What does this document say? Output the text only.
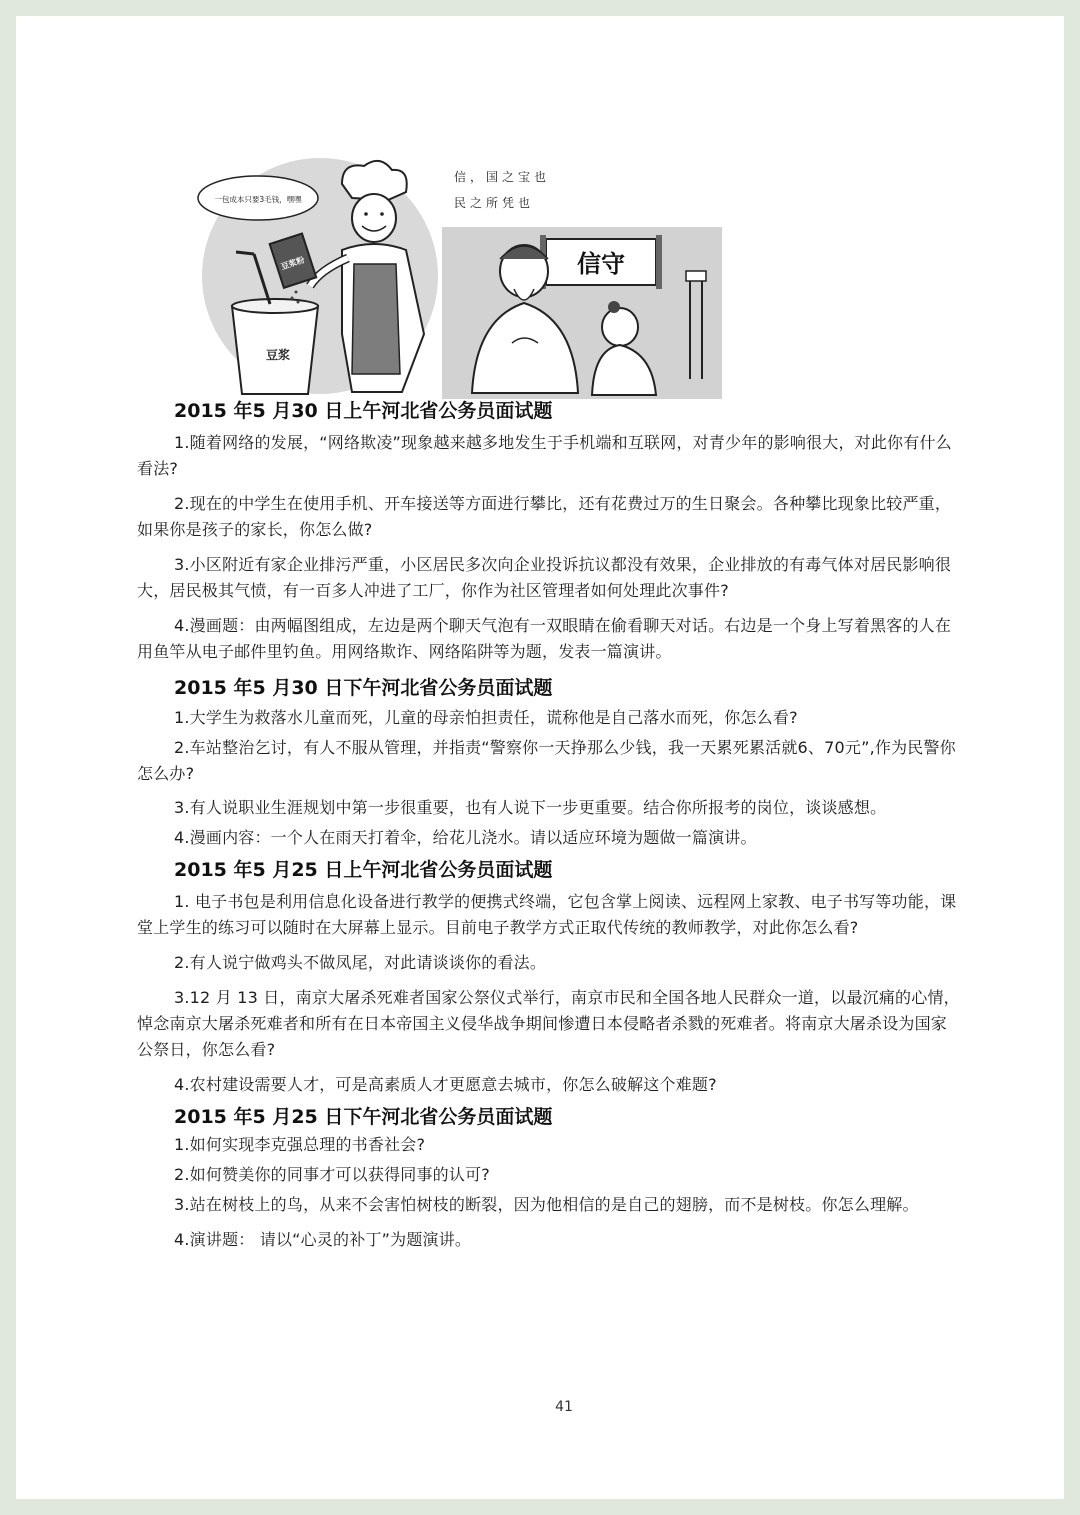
一包成本只要3毛钱，嘿嘿
豆浆
豆浆粉
信，国之宝也
民之所凭也
信守
2015 年5 月30 日上午河北省公务员面试题

1.随着网络的发展，“网络欺凌”现象越来越多地发生于手机端和互联网，对青少年的影响很大，对此你有什么看法?

2.现在的中学生在使用手机、开车接送等方面进行攀比，还有花费过万的生日聚会。各种攀比现象比较严重，如果你是孩子的家长，你怎么做?

3.小区附近有家企业排污严重，小区居民多次向企业投诉抗议都没有效果，企业排放的有毒气体对居民影响很大，居民极其气愤，有一百多人冲进了工厂，你作为社区管理者如何处理此次事件?

4.漫画题：由两幅图组成，左边是两个聊天气泡有一双眼睛在偷看聊天对话。右边是一个身上写着黑客的人在用鱼竿从电子邮件里钓鱼。用网络欺诈、网络陷阱等为题，发表一篇演讲。

2015 年5 月30 日下午河北省公务员面试题

1.大学生为救落水儿童而死，儿童的母亲怕担责任，谎称他是自己落水而死，你怎么看?

2.车站整治乞讨，有人不服从管理，并指责“警察你一天挣那么少钱，我一天累死累活就6、70元”,作为民警你怎么办?

3.有人说职业生涯规划中第一步很重要，也有人说下一步更重要。结合你所报考的岗位，谈谈感想。

4.漫画内容：一个人在雨天打着伞，给花儿浇水。请以适应环境为题做一篇演讲。

2015 年5 月25 日上午河北省公务员面试题

1. 电子书包是利用信息化设备进行教学的便携式终端，它包含掌上阅读、远程网上家教、电子书写等功能，课堂上学生的练习可以随时在大屏幕上显示。目前电子教学方式正取代传统的教师教学，对此你怎么看?

2.有人说宁做鸡头不做凤尾，对此请谈谈你的看法。

3.12 月 13 日，南京大屠杀死难者国家公祭仪式举行，南京市民和全国各地人民群众一道，以最沉痛的心情，悼念南京大屠杀死难者和所有在日本帝国主义侵华战争期间惨遭日本侵略者杀戮的死难者。将南京大屠杀设为国家公祭日，你怎么看?

4.农村建设需要人才，可是高素质人才更愿意去城市，你怎么破解这个难题?

2015 年5 月25 日下午河北省公务员面试题

1.如何实现李克强总理的书香社会?

2.如何赞美你的同事才可以获得同事的认可?

3.站在树枝上的鸟，从来不会害怕树枝的断裂，因为他相信的是自己的翅膀，而不是树枝。你怎么理解。

4.演讲题： 请以“心灵的补丁”为题演讲。

41
